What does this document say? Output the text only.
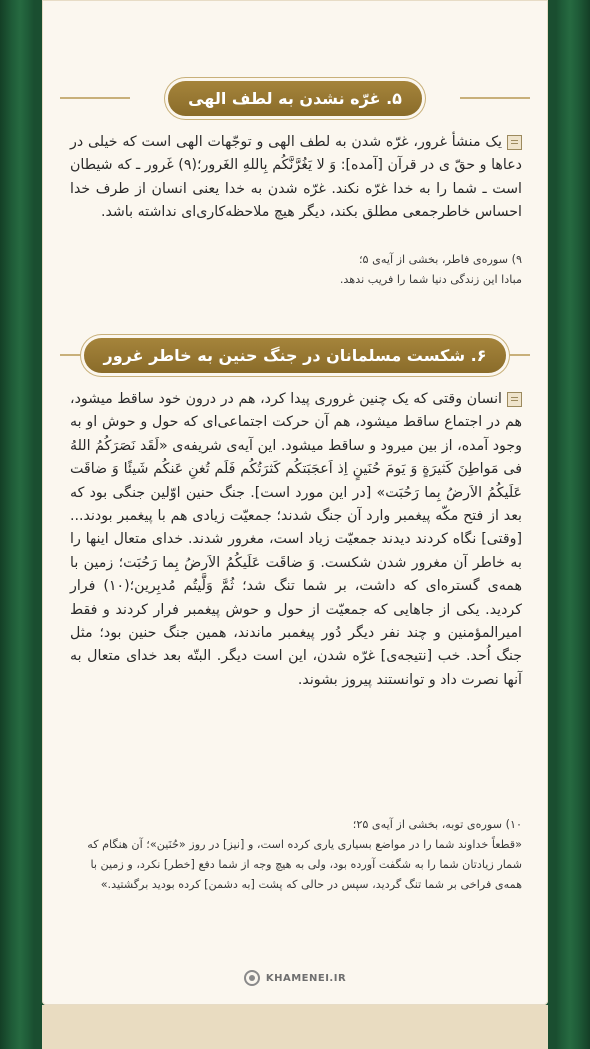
۵. غرّه نشدن به لطف الهی
یک منشأ غرور، غرّه شدن به لطف الهی و توجّهات الهی است که خیلی در دعاها و حقّ ی در قرآن [آمده]: وَ لا يَغُرَّنَّكُم بِاللهِ الغَرور؛(۹) غَرور ـ که شیطان است ـ شما را به خدا غرّه نکند. غرّه شدن به خدا یعنی انسان از طرف خدا احساس خاطرجمعی مطلق بکند، دیگر هیچ ملاحظه‌کاری‌ای نداشته باشد.
۹) سوره‌ی فاطر، بخشی از آیه‌ی ۵؛
مبادا این زندگی دنیا شما را فریب ندهد.
۶. شکست مسلمانان در جنگ حنین به خاطر غرور
انسان وقتی که یک چنین غروری پیدا کرد، هم در درون خود ساقط میشود، هم در اجتماع ساقط میشود، هم آن حرکت اجتماعی‌ای که حول و حوش او به وجود آمده، از بین میرود و ساقط میشود. این آیه‌ی شریفه‌ی «لَقَد نَصَرَكُمُ اللهُ فی مَواطِنَ كَثيرَةٍ وَ يَومَ حُنَينٍ اِذ اَعجَبَتكُم كَثرَتُكُم فَلَم تُغنِ عَنكُم شَيئًا وَ ضاقَت عَلَيكُمُ الاَرضُ بِما رَحُبَت» [در این مورد است]. جنگ حنین اوّلین جنگی بود که بعد از فتح مکّه پیغمبر وارد آن جنگ شدند؛ جمعیّت زیادی هم با پیغمبر بودند... [وقتی] نگاه کردند دیدند جمعیّت زیاد است، مغرور شدند. خدای متعال اینها را به خاطر آن مغرور شدن شکست. وَ ضاقَت عَلَيكُمُ الاَرضُ بِما رَحُبَت؛ زمین با همه‌ی گستره‌ای که داشت، بر شما تنگ شد؛ ثُمَّ وَلَّيتُم مُدبِرين؛(۱۰) فرار کردید. یکی از جاهایی که جمعیّت از حول و حوش پیغمبر فرار کردند و فقط امیرالمؤمنین و چند نفر دیگر دُور پیغمبر ماندند، همین جنگ حنین بود؛ مثل جنگ اُحد. خب [نتیجه‌ی] غرّه شدن، این است دیگر. البتّه بعد خدای متعال به آنها نصرت داد و توانستند پیروز بشوند.
۱۰) سوره‌ی توبه، بخشی از آیه‌ی ۲۵؛
«قطعاً خداوند شما را در مواضع بسیاری یاری کرده است، و [نیز] در روز «حُنَین»؛ آن هنگام که شمار زیادتان شما را به شگفت آورده بود، ولی به هیچ وجه از شما دفع [خطر] نکرد، و زمین با همه‌ی فراخی بر شما تنگ گردید، سپس در حالی که پشت [به دشمن] کرده بودید برگشتید.»
KHAMENEI.IR
